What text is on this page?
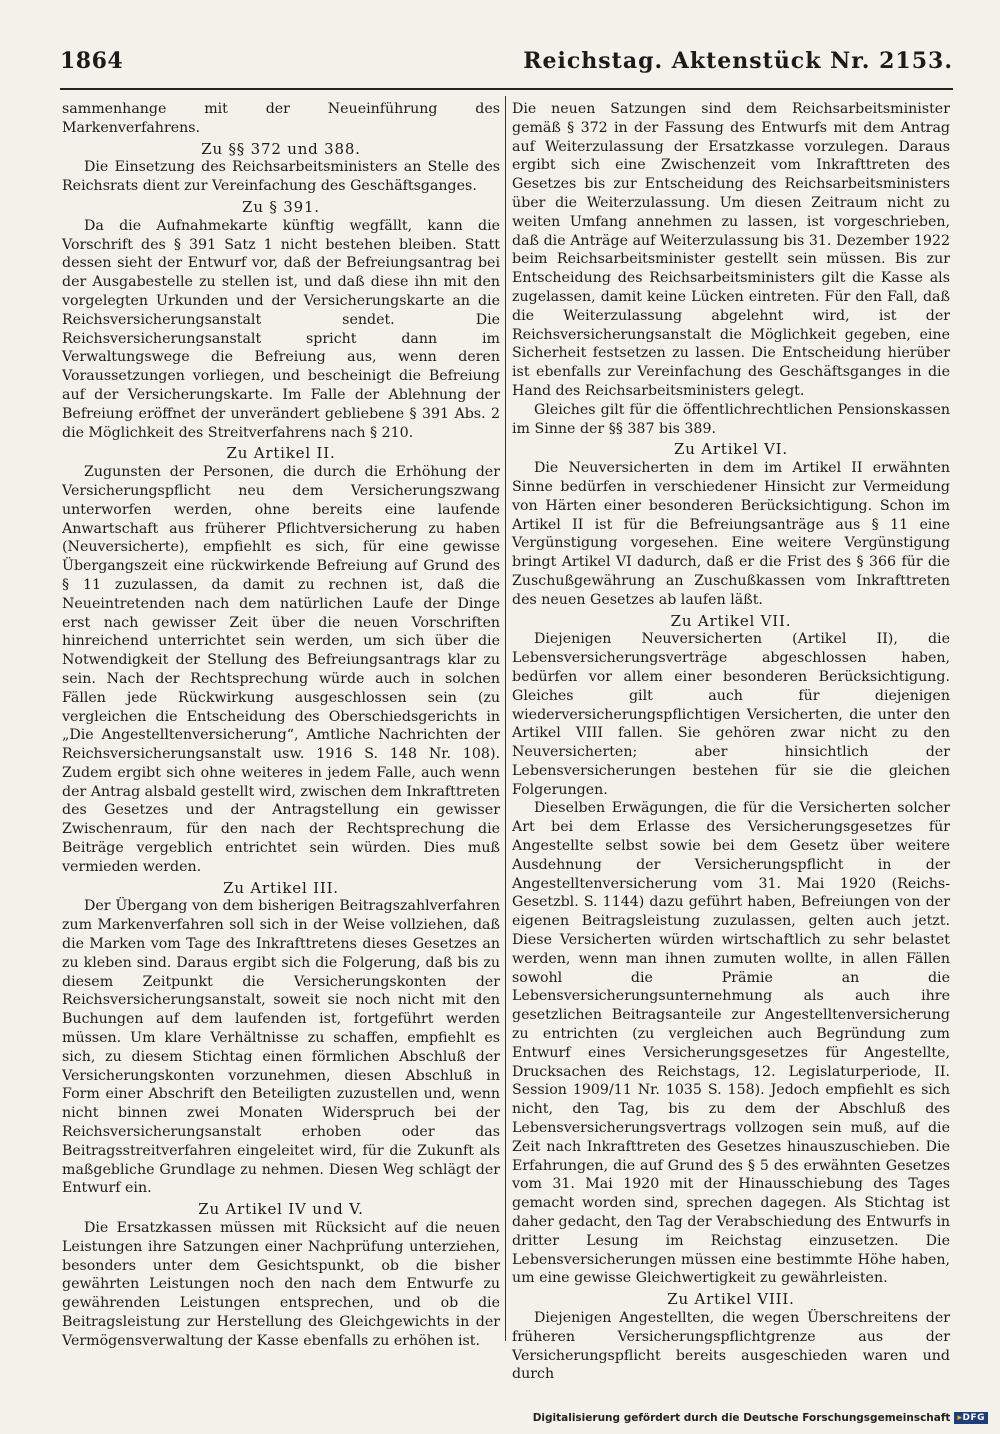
1864	Reichstag. Aktenstück Nr. 2153.

sammenhange mit der Neueinführung des Markenverfahrens.

Zu §§ 372 und 388.

Die Einsetzung des Reichsarbeitsministers an Stelle des Reichsrats dient zur Vereinfachung des Geschäftsganges.

Zu § 391.

Da die Aufnahmekarte künftig wegfällt, kann die Vorschrift des § 391 Satz 1 nicht bestehen bleiben. Statt dessen sieht der Entwurf vor, daß der Befreiungsantrag bei der Ausgabestelle zu stellen ist, und daß diese ihn mit den vorgelegten Urkunden und der Versicherungskarte an die Reichsversicherungsanstalt sendet. Die Reichsversicherungsanstalt spricht dann im Verwaltungswege die Befreiung aus, wenn deren Voraussetzungen vorliegen, und bescheinigt die Befreiung auf der Versicherungskarte. Im Falle der Ablehnung der Befreiung eröffnet der unverändert gebliebene § 391 Abs. 2 die Möglichkeit des Streitverfahrens nach § 210.

Zu Artikel II.

Zugunsten der Personen, die durch die Erhöhung der Versicherungspflicht neu dem Versicherungszwang unterworfen werden, ohne bereits eine laufende Anwartschaft aus früherer Pflichtversicherung zu haben (Neuversicherte), empfiehlt es sich, für eine gewisse Übergangszeit eine rückwirkende Befreiung auf Grund des § 11 zuzulassen, da damit zu rechnen ist, daß die Neueintretenden nach dem natürlichen Laufe der Dinge erst nach gewisser Zeit über die neuen Vorschriften hinreichend unterrichtet sein werden, um sich über die Notwendigkeit der Stellung des Befreiungsantrags klar zu sein. Nach der Rechtsprechung würde auch in solchen Fällen jede Rückwirkung ausgeschlossen sein (zu vergleichen die Entscheidung des Oberschiedsgerichts in „Die Angestelltenversicherung“, Amtliche Nachrichten der Reichsversicherungsanstalt usw. 1916 S. 148 Nr. 108). Zudem ergibt sich ohne weiteres in jedem Falle, auch wenn der Antrag alsbald gestellt wird, zwischen dem Inkrafttreten des Gesetzes und der Antragstellung ein gewisser Zwischenraum, für den nach der Rechtsprechung die Beiträge vergeblich entrichtet sein würden. Dies muß vermieden werden.

Zu Artikel III.

Der Übergang von dem bisherigen Beitragszahlverfahren zum Markenverfahren soll sich in der Weise vollziehen, daß die Marken vom Tage des Inkrafttretens dieses Gesetzes an zu kleben sind. Daraus ergibt sich die Folgerung, daß bis zu diesem Zeitpunkt die Versicherungskonten der Reichsversicherungsanstalt, soweit sie noch nicht mit den Buchungen auf dem laufenden ist, fortgeführt werden müssen. Um klare Verhältnisse zu schaffen, empfiehlt es sich, zu diesem Stichtag einen förmlichen Abschluß der Versicherungskonten vorzunehmen, diesen Abschluß in Form einer Abschrift den Beteiligten zuzustellen und, wenn nicht binnen zwei Monaten Widerspruch bei der Reichsversicherungsanstalt erhoben oder das Beitragsstreitverfahren eingeleitet wird, für die Zukunft als maßgebliche Grundlage zu nehmen. Diesen Weg schlägt der Entwurf ein.

Zu Artikel IV und V.

Die Ersatzkassen müssen mit Rücksicht auf die neuen Leistungen ihre Satzungen einer Nachprüfung unterziehen, besonders unter dem Gesichtspunkt, ob die bisher gewährten Leistungen noch den nach dem Entwurfe zu gewährenden Leistungen entsprechen, und ob die Beitragsleistung zur Herstellung des Gleichgewichts in der Vermögensverwaltung der Kasse ebenfalls zu erhöhen ist.

Die neuen Satzungen sind dem Reichsarbeitsminister gemäß § 372 in der Fassung des Entwurfs mit dem Antrag auf Weiterzulassung der Ersatzkasse vorzulegen. Daraus ergibt sich eine Zwischenzeit vom Inkrafttreten des Gesetzes bis zur Entscheidung des Reichsarbeitsministers über die Weiterzulassung. Um diesen Zeitraum nicht zu weiten Umfang annehmen zu lassen, ist vorgeschrieben, daß die Anträge auf Weiterzulassung bis 31. Dezember 1922 beim Reichsarbeitsminister gestellt sein müssen. Bis zur Entscheidung des Reichsarbeitsministers gilt die Kasse als zugelassen, damit keine Lücken eintreten. Für den Fall, daß die Weiterzulassung abgelehnt wird, ist der Reichsversicherungsanstalt die Möglichkeit gegeben, eine Sicherheit festsetzen zu lassen. Die Entscheidung hierüber ist ebenfalls zur Vereinfachung des Geschäftsganges in die Hand des Reichsarbeitsministers gelegt.

Gleiches gilt für die öffentlichrechtlichen Pensionskassen im Sinne der §§ 387 bis 389.

Zu Artikel VI.

Die Neuversicherten in dem im Artikel II erwähnten Sinne bedürfen in verschiedener Hinsicht zur Vermeidung von Härten einer besonderen Berücksichtigung. Schon im Artikel II ist für die Befreiungsanträge aus § 11 eine Vergünstigung vorgesehen. Eine weitere Vergünstigung bringt Artikel VI dadurch, daß er die Frist des § 366 für die Zuschußgewährung an Zuschußkassen vom Inkrafttreten des neuen Gesetzes ab laufen läßt.

Zu Artikel VII.

Diejenigen Neuversicherten (Artikel II), die Lebensversicherungsverträge abgeschlossen haben, bedürfen vor allem einer besonderen Berücksichtigung. Gleiches gilt auch für diejenigen wiederversicherungspflichtigen Versicherten, die unter den Artikel VIII fallen. Sie gehören zwar nicht zu den Neuversicherten; aber hinsichtlich der Lebensversicherungen bestehen für sie die gleichen Folgerungen.

Dieselben Erwägungen, die für die Versicherten solcher Art bei dem Erlasse des Versicherungsgesetzes für Angestellte selbst sowie bei dem Gesetz über weitere Ausdehnung der Versicherungspflicht in der Angestelltenversicherung vom 31. Mai 1920 (Reichs-Gesetzbl. S. 1144) dazu geführt haben, Befreiungen von der eigenen Beitragsleistung zuzulassen, gelten auch jetzt. Diese Versicherten würden wirtschaftlich zu sehr belastet werden, wenn man ihnen zumuten wollte, in allen Fällen sowohl die Prämie an die Lebensversicherungsunternehmung als auch ihre gesetzlichen Beitragsanteile zur Angestelltenversicherung zu entrichten (zu vergleichen auch Begründung zum Entwurf eines Versicherungsgesetzes für Angestellte, Drucksachen des Reichstags, 12. Legislaturperiode, II. Session 1909/11 Nr. 1035 S. 158). Jedoch empfiehlt es sich nicht, den Tag, bis zu dem der Abschluß des Lebensversicherungsvertrags vollzogen sein muß, auf die Zeit nach Inkrafttreten des Gesetzes hinauszuschieben. Die Erfahrungen, die auf Grund des § 5 des erwähnten Gesetzes vom 31. Mai 1920 mit der Hinausschiebung des Tages gemacht worden sind, sprechen dagegen. Als Stichtag ist daher gedacht, den Tag der Verabschiedung des Entwurfs in dritter Lesung im Reichstag einzusetzen. Die Lebensversicherungen müssen eine bestimmte Höhe haben, um eine gewisse Gleichwertigkeit zu gewährleisten.

Zu Artikel VIII.

Diejenigen Angestellten, die wegen Überschreitens der früheren Versicherungspflichtgrenze aus der Versicherungspflicht bereits ausgeschieden waren und durch

Digitalisierung gefördert durch die Deutsche Forschungsgemeinschaft ▸DFG
